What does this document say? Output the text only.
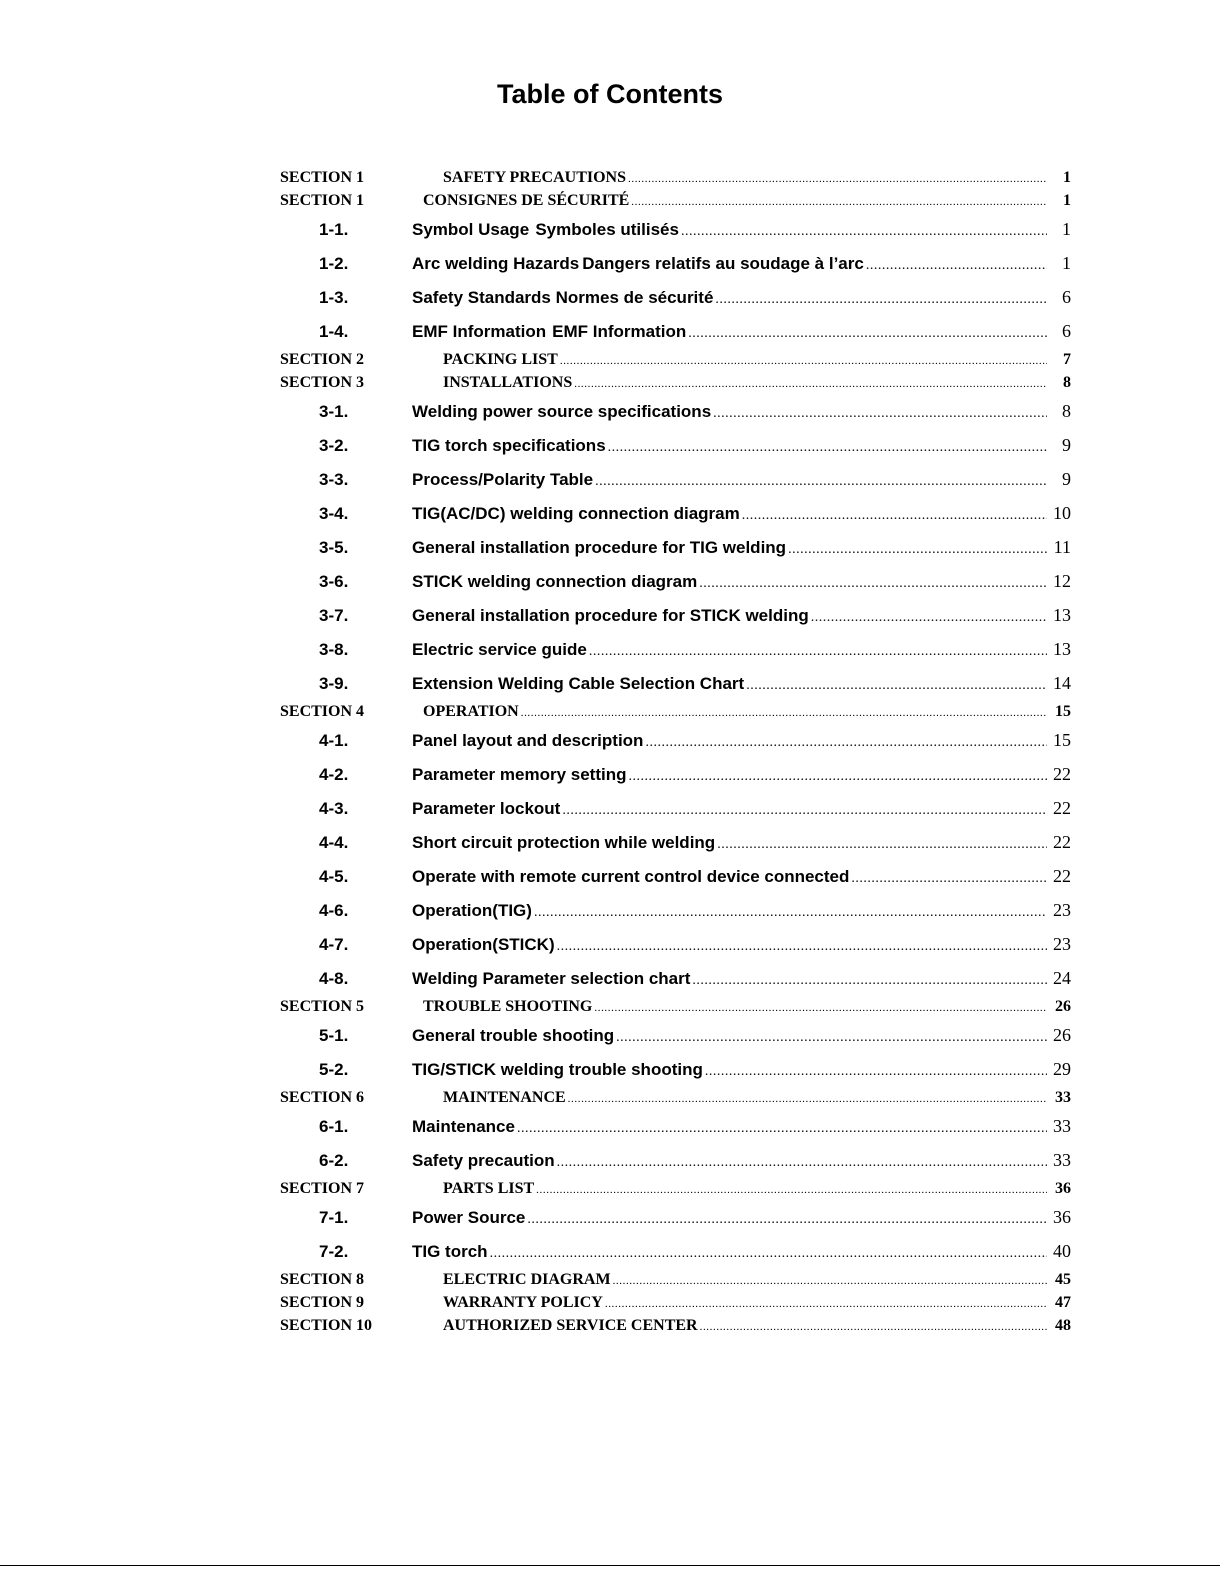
Table of Contents
SECTION 1	SAFETY PRECAUTIONS .....	1
SECTION 1	CONSIGNES DE SÉCURITÉ .....	1
1-1.	Symbol Usage Symboles utilisés .....	1
1-2.	Arc welding Hazards Dangers relatifs au soudage à l’arc .....	1
1-3.	Safety Standards Normes de sécurité .....	6
1-4.	EMF Information EMF Information .....	6
SECTION 2	PACKING LIST .....	7
SECTION 3	INSTALLATIONS .....	8
3-1.	Welding power source specifications .....	8
3-2.	TIG torch specifications .....	9
3-3.	Process/Polarity Table .....	9
3-4.	TIG(AC/DC) welding connection diagram .....	10
3-5.	General installation procedure for TIG welding .....	11
3-6.	STICK welding connection diagram .....	12
3-7.	General installation procedure for STICK welding .....	13
3-8.	Electric service guide .....	13
3-9.	Extension Welding Cable Selection Chart .....	14
SECTION 4	OPERATION .....	15
4-1.	Panel layout and description .....	15
4-2.	Parameter memory setting .....	22
4-3.	Parameter lockout .....	22
4-4.	Short circuit protection while welding .....	22
4-5.	Operate with remote current control device connected .....	22
4-6.	Operation(TIG) .....	23
4-7.	Operation(STICK) .....	23
4-8.	Welding Parameter selection chart .....	24
SECTION 5	TROUBLE SHOOTING .....	26
5-1.	General trouble shooting .....	26
5-2.	TIG/STICK welding trouble shooting .....	29
SECTION 6	MAINTENANCE .....	33
6-1.	Maintenance .....	33
6-2.	Safety precaution .....	33
SECTION 7	PARTS LIST .....	36
7-1.	Power Source .....	36
7-2.	TIG torch .....	40
SECTION 8	ELECTRIC DIAGRAM .....	45
SECTION 9	WARRANTY POLICY .....	47
SECTION 10	AUTHORIZED SERVICE CENTER .....	48
